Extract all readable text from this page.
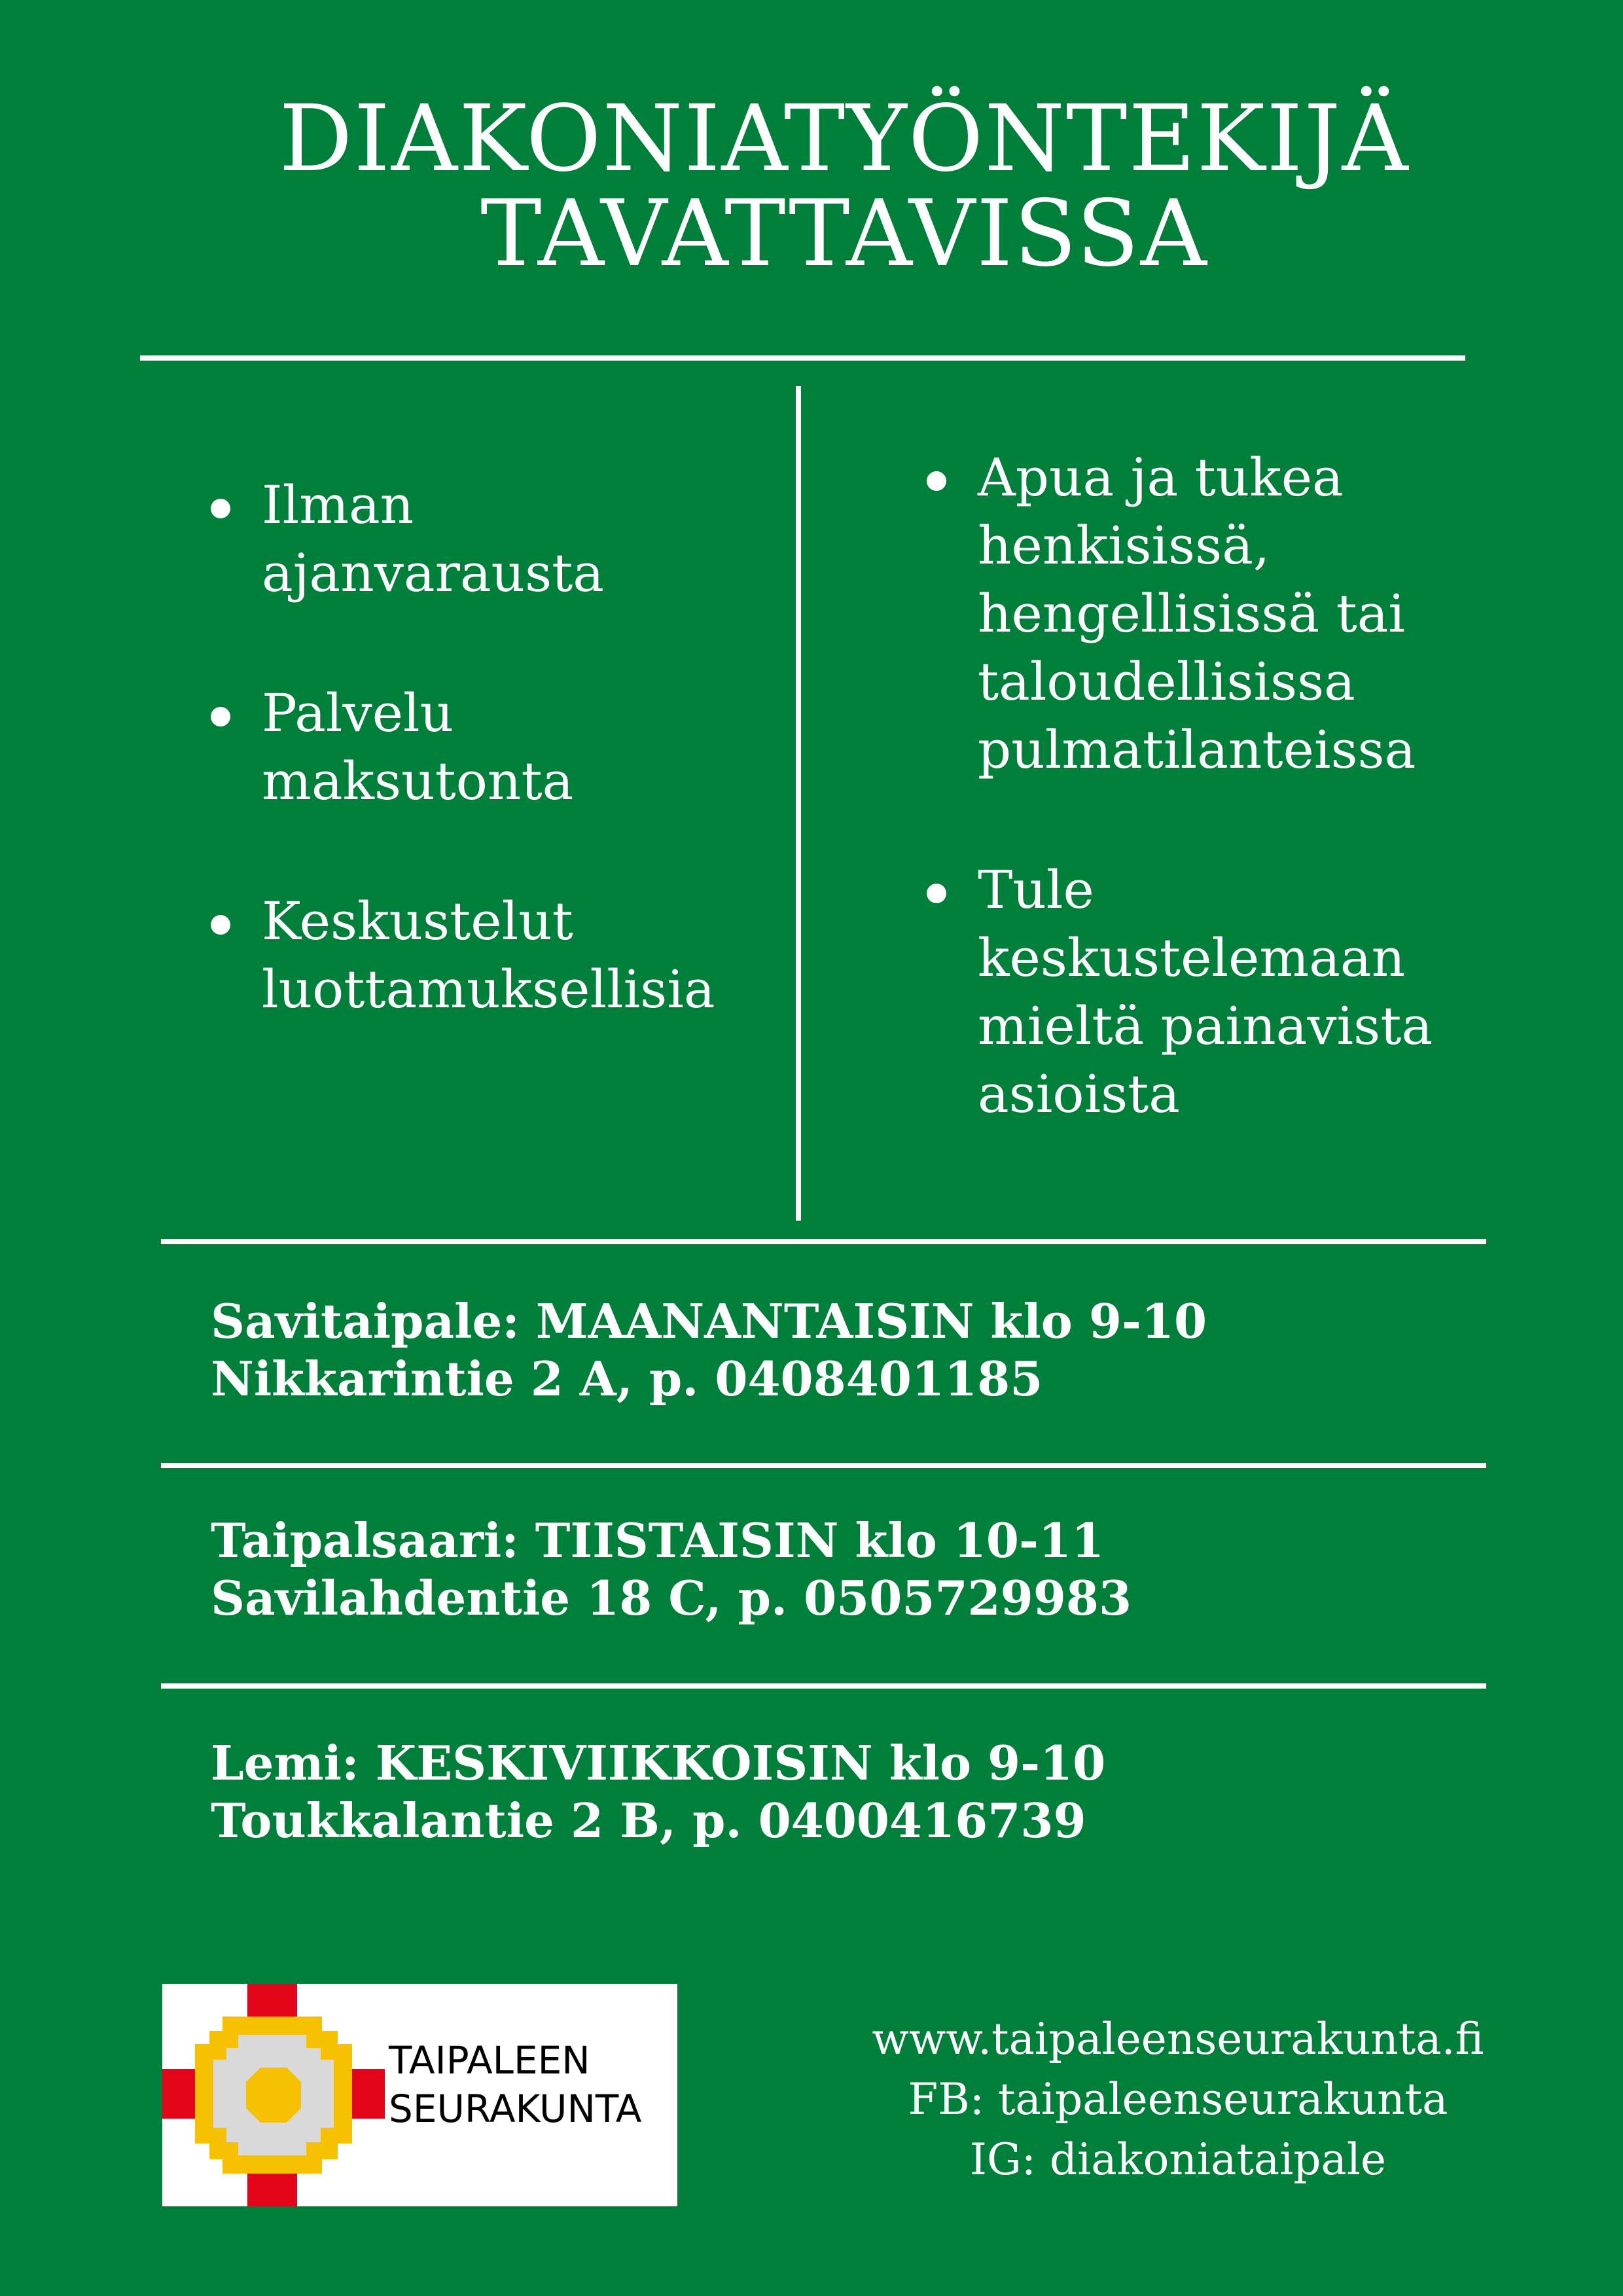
DIAKONIATYÖNTEKIJÄ
TAVATTAVISSA
Ilman
ajanvarausta
Palvelu
maksutonta
Keskustelut
luottamuksellisia
Apua ja tukea
henkisissä,
hengellisissä tai
taloudellisissa
pulmatilanteissa
Tule
keskustelemaan
mieltä painavista
asioista
Savitaipale: MAANANTAISIN klo 9-10
Nikkarintie 2 A, p. 0408401185
Taipalsaari: TIISTAISIN klo 10-11
Savilahdentie 18 C, p. 0505729983
Lemi: KESKIVIIKKOISIN klo 9-10
Toukkalantie 2 B, p. 0400416739
TAIPALEEN
SEURAKUNTA
www.taipaleenseurakunta.fi
FB: taipaleenseurakunta
IG: diakoniataipale
